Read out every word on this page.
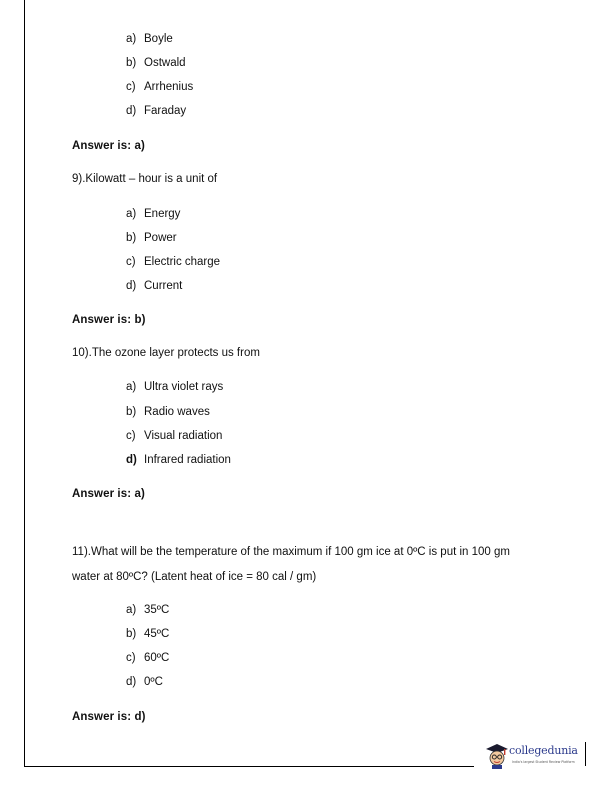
a) Boyle
b) Ostwald
c) Arrhenius
d) Faraday
Answer is: a)
9).Kilowatt – hour is a unit of
a) Energy
b) Power
c) Electric charge
d) Current
Answer is: b)
10).The ozone layer protects us from
a) Ultra violet rays
b) Radio waves
c) Visual radiation
d) Infrared radiation
Answer is: a)
11).What will be the temperature of the maximum if 100 gm ice at 0ºC is put in 100 gm
water at 80ºC? (Latent heat of ice = 80 cal / gm)
a) 35ºC
b) 45ºC
c) 60ºC
d) 0ºC
Answer is: d)
collegedunia
India's largest Student Review Platform
